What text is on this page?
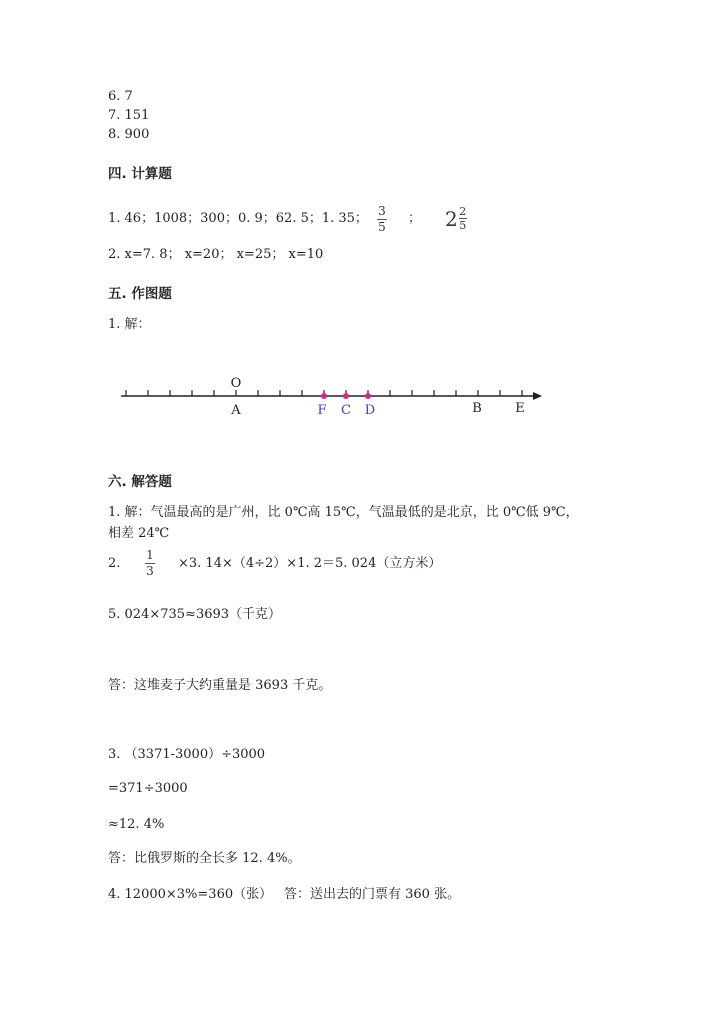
6. 7
7. 151
8. 900
四. 计算题
1. 46；1008；300；0. 9；62. 5；1. 35； 3
5
； 2 2
5
2. x=7. 8； x=20； x=25； x=10
五. 作图题
1. 解：
O
A	F C D	B	E
六. 解答题
1. 解：气温最高的是广州，比 0℃高 15℃，气温最低的是北京，比 0℃低 9℃，
相差 24℃
2.
1
3 ×3. 14×（4÷2）×1. 2＝5. 024（立方米）
5. 024×735≈3693（千克）
答：这堆麦子大约重量是 3693 千克。
3. （3371-3000）÷3000
=371÷3000
≈12. 4%
答：比俄罗斯的全长多 12. 4%。
4. 12000×3%=360（张） 答：送出去的门票有 360 张。
